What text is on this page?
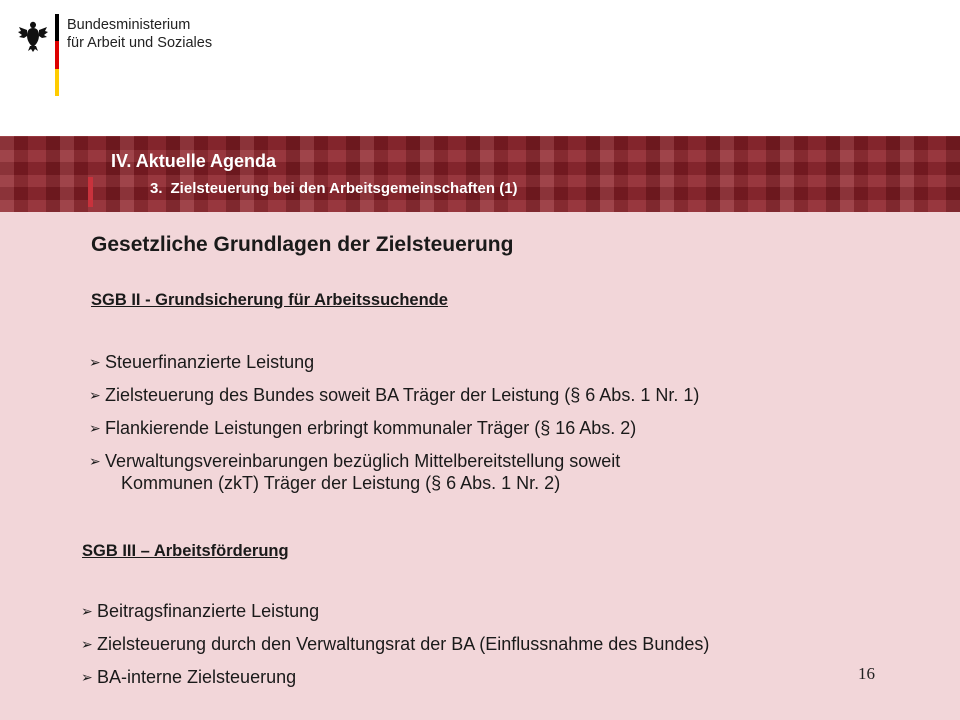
Bundesministerium
für Arbeit und Soziales
IV. Aktuelle Agenda
3. Zielsteuerung bei den Arbeitsgemeinschaften (1)
Gesetzliche Grundlagen der Zielsteuerung
SGB II - Grundsicherung für Arbeitssuchende
➢ Steuerfinanzierte Leistung
➢ Zielsteuerung des Bundes soweit BA Träger der Leistung (§ 6 Abs. 1 Nr. 1)
➢ Flankierende Leistungen erbringt kommunaler Träger (§ 16 Abs. 2)
➢ Verwaltungsvereinbarungen bezüglich Mittelbereitstellung soweit
Kommunen (zkT) Träger der Leistung (§ 6 Abs. 1 Nr. 2)
SGB III – Arbeitsförderung
➢ Beitragsfinanzierte Leistung
➢ Zielsteuerung durch den Verwaltungsrat der BA (Einflussnahme des Bundes)
➢ BA-interne Zielsteuerung	16
